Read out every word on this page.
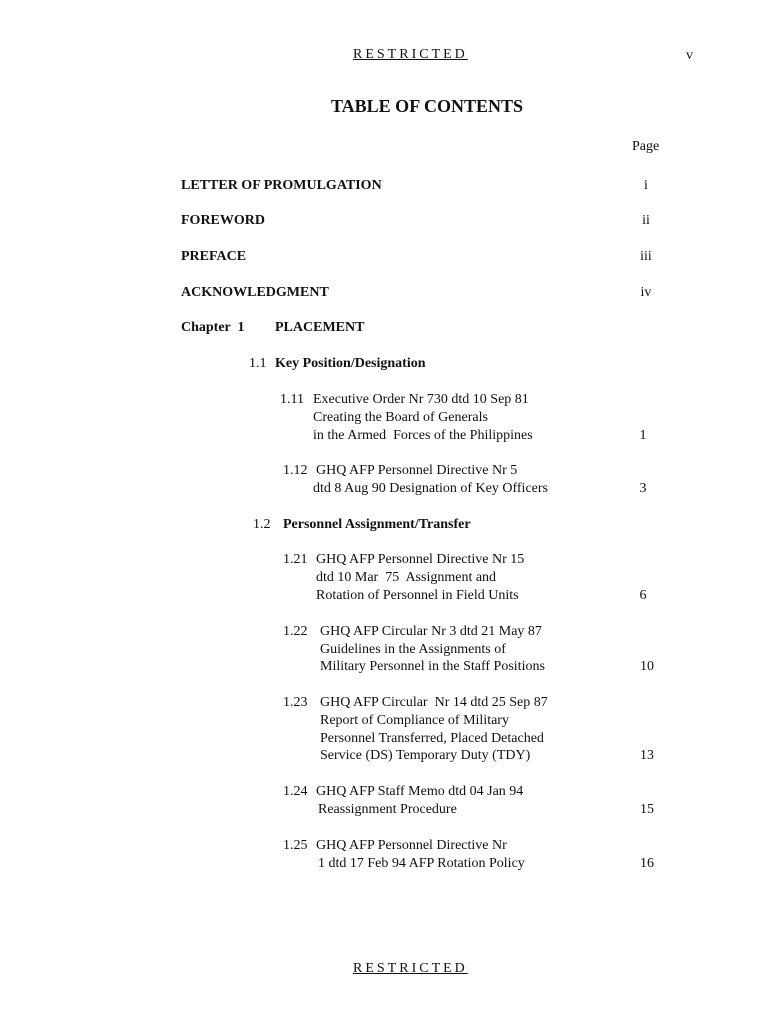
RESTRICTED	v
TABLE OF CONTENTS
Page
LETTER OF PROMULGATION	i
FOREWORD	ii
PREFACE	iii
ACKNOWLEDGMENT	iv
Chapter  1 PLACEMENT
1.1 Key Position/Designation
1.11 Executive Order Nr 730 dtd 10 Sep 81
Creating the Board of Generals
in the Armed  Forces of the Philippines	1
1.12 GHQ AFP Personnel Directive Nr 5
dtd 8 Aug 90 Designation of Key Officers	3
1.2 Personnel Assignment/Transfer
1.21 GHQ AFP Personnel Directive Nr 15
dtd 10 Mar  75  Assignment and
Rotation of Personnel in Field Units	6
1.22 GHQ AFP Circular Nr 3 dtd 21 May 87
Guidelines in the Assignments of
Military Personnel in the Staff Positions	10
1.23 GHQ AFP Circular  Nr 14 dtd 25 Sep 87
Report of Compliance of Military
Personnel Transferred, Placed Detached
Service (DS) Temporary Duty (TDY)	13
1.24 GHQ AFP Staff Memo dtd 04 Jan 94
Reassignment Procedure	15
1.25 GHQ AFP Personnel Directive Nr
1 dtd 17 Feb 94 AFP Rotation Policy	16
RESTRICTED
